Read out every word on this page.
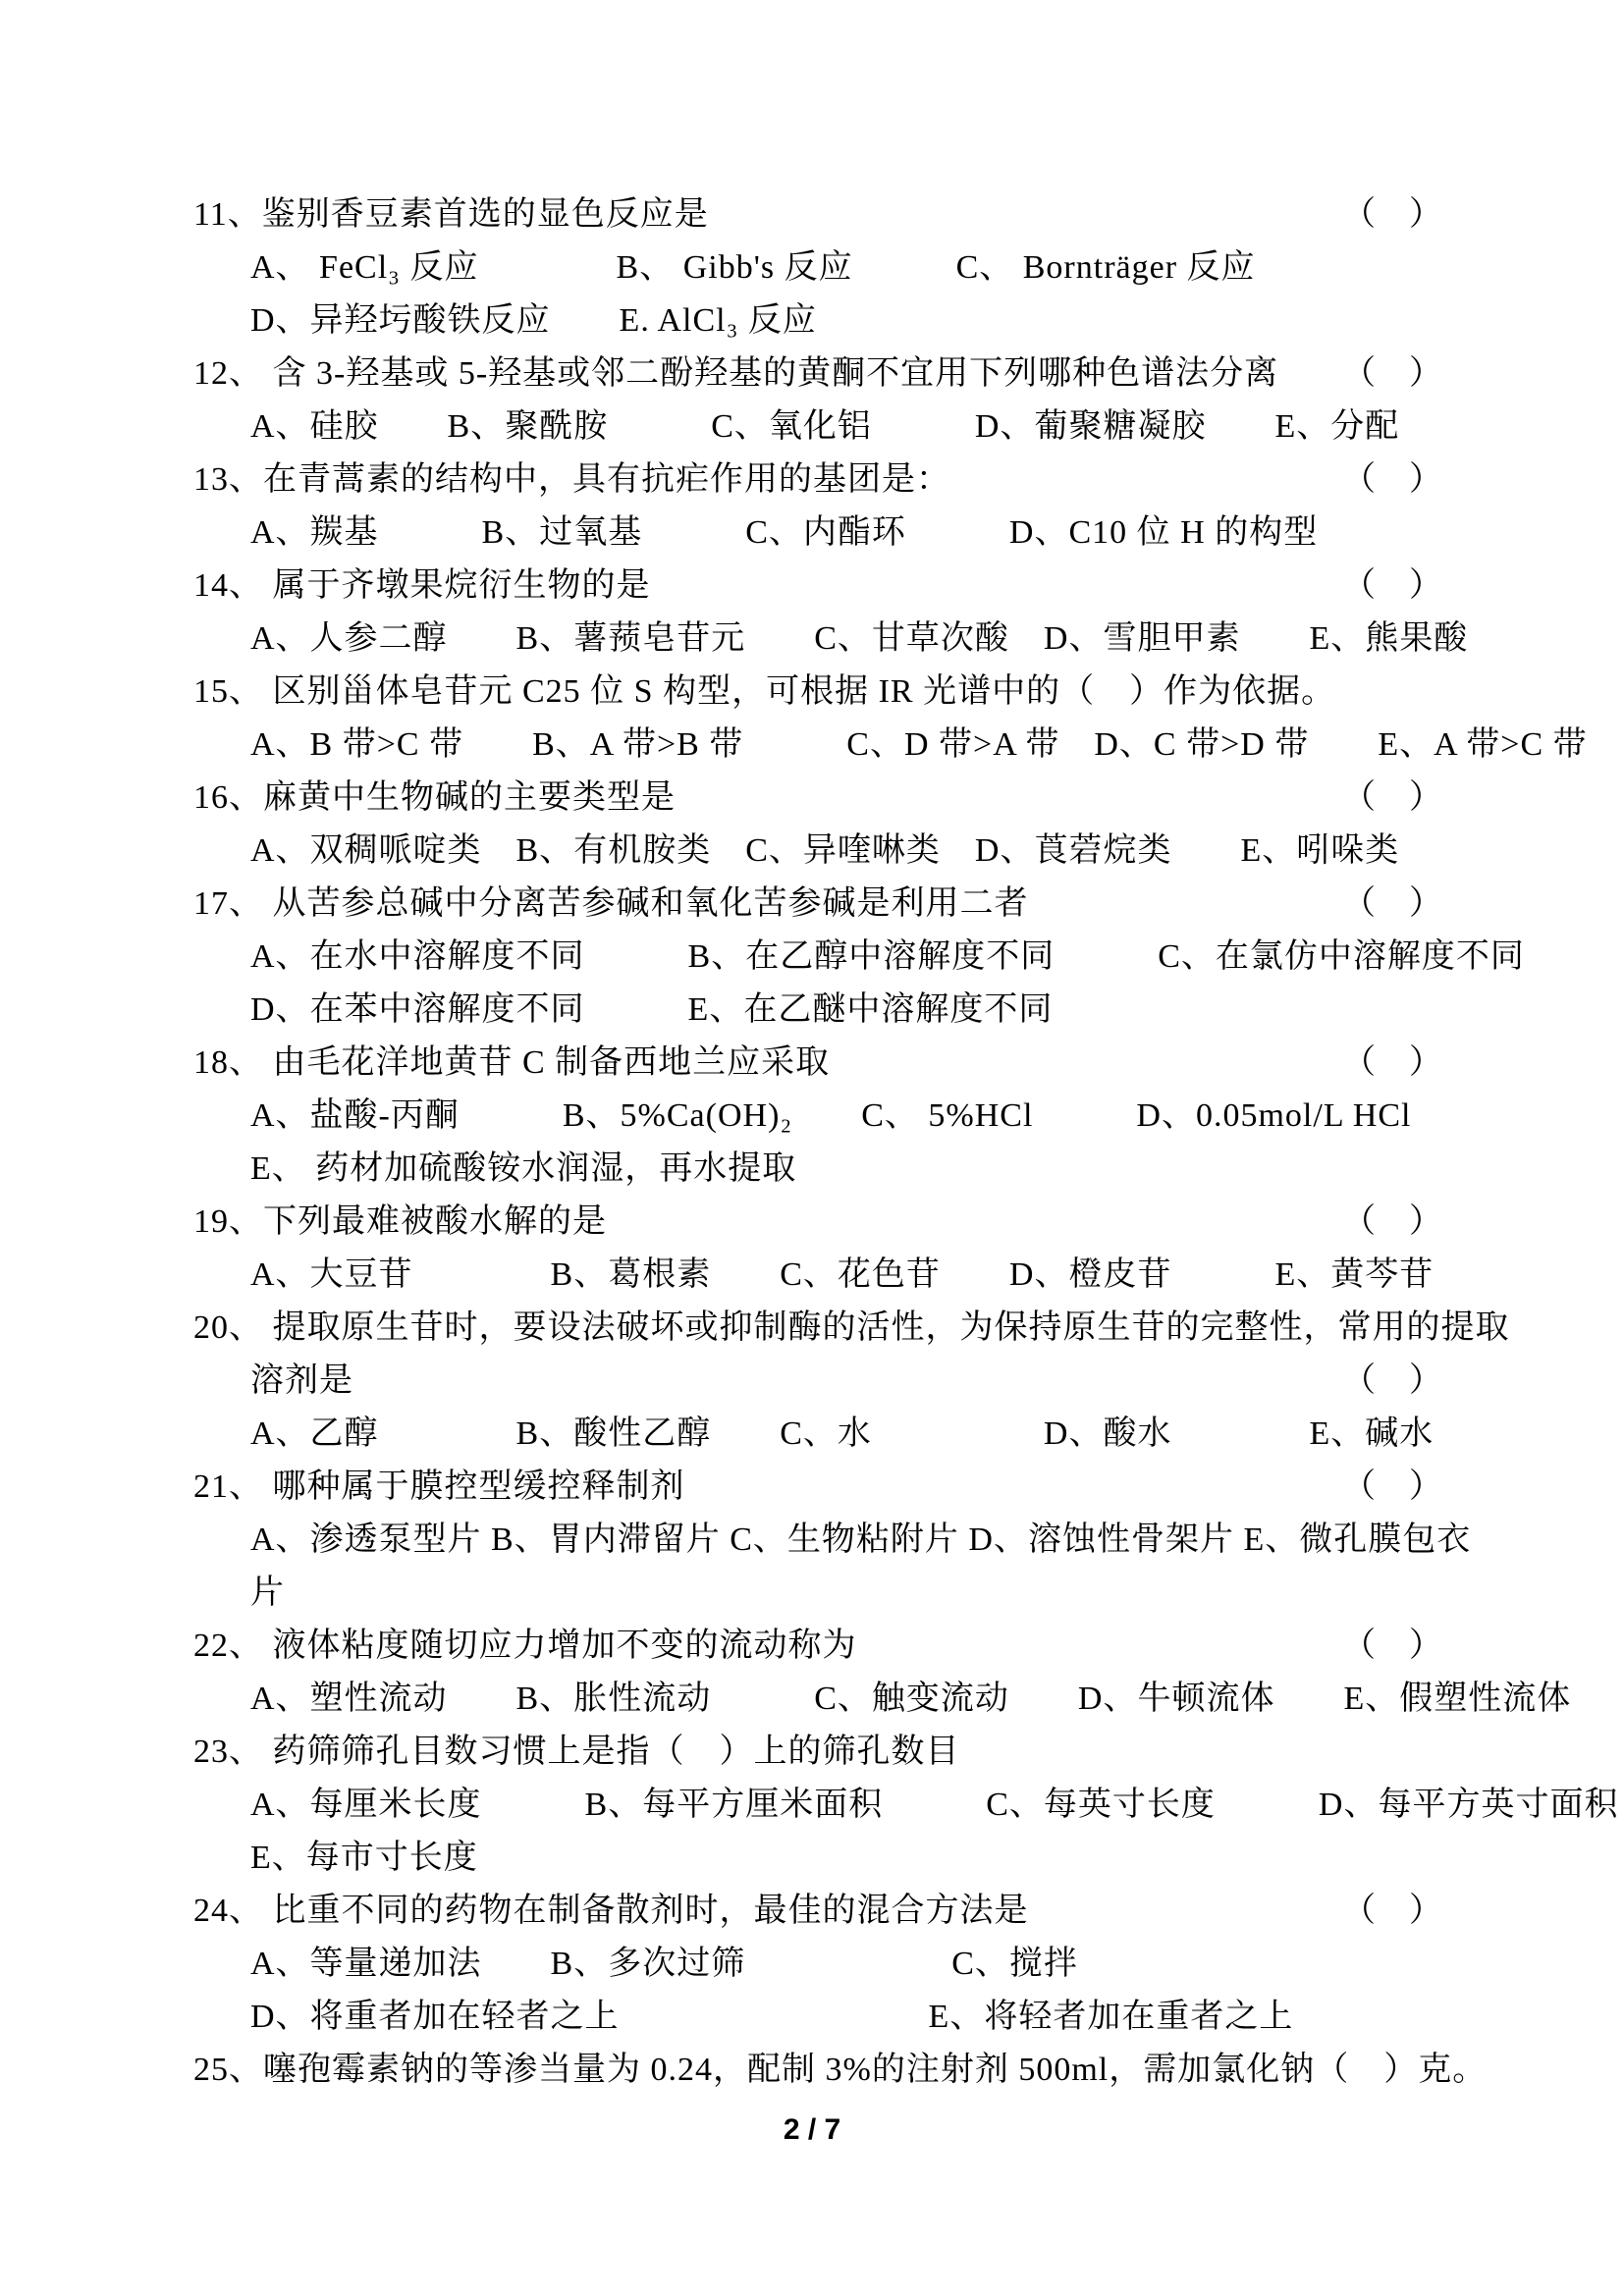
11、鉴别香豆素首选的显色反应是	（　）
A、 FeCl₃ 反应　　　　B、 Gibb's 反应　　　C、 Bornträger 反应
D、异羟圬酸铁反应　　E. AlCl₃ 反应
12、 含 3-羟基或 5-羟基或邻二酚羟基的黄酮不宜用下列哪种色谱法分离 （　）
A、硅胶　　B、聚酰胺　　　C、氧化铝　　　D、葡聚糖凝胶　　E、分配
13、在青蒿素的结构中，具有抗疟作用的基团是：	（　）
A、羰基　　　B、过氧基　　　C、内酯环　　　D、C10 位 H 的构型
14、 属于齐墩果烷衍生物的是	（　）
A、人参二醇　　B、薯蓣皂苷元　　C、甘草次酸　D、雪胆甲素　　E、熊果酸
15、 区别甾体皂苷元 C25 位 S 构型，可根据 IR 光谱中的（　）作为依据。
A、B 带>C 带　　B、A 带>B 带　　　C、D 带>A 带　D、C 带>D 带　　E、A 带>C 带
16、麻黄中生物碱的主要类型是	（　）
A、双稠哌啶类　B、有机胺类　C、异喹啉类　D、莨菪烷类　　E、吲哚类
17、 从苦参总碱中分离苦参碱和氧化苦参碱是利用二者	（　）
A、在水中溶解度不同　　　B、在乙醇中溶解度不同　　　C、在氯仿中溶解度不同
D、在苯中溶解度不同　　　E、在乙醚中溶解度不同
18、 由毛花洋地黄苷 C 制备西地兰应采取	（　）
A、盐酸-丙酮　　　B、5%Ca(OH)₂　　C、 5%HCl　　　D、0.05mol/L HCl
E、 药材加硫酸铵水润湿，再水提取
19、下列最难被酸水解的是	（　）
A、大豆苷　　　　B、葛根素　　C、花色苷　　D、橙皮苷　　　E、黄芩苷
20、 提取原生苷时，要设法破坏或抑制酶的活性，为保持原生苷的完整性，常用的提取
溶剂是	（　）
A、乙醇　　　　B、酸性乙醇　　C、水　　　　　D、酸水　　　　E、碱水
21、 哪种属于膜控型缓控释制剂	（　）
A、渗透泵型片 B、胃内滞留片 C、生物粘附片 D、溶蚀性骨架片 E、微孔膜包衣
片
22、 液体粘度随切应力增加不变的流动称为	（　）
A、塑性流动　　B、胀性流动　　　C、触变流动　　D、牛顿流体　　E、假塑性流体
23、 药筛筛孔目数习惯上是指（　）上的筛孔数目
A、每厘米长度　　　B、每平方厘米面积　　　C、每英寸长度　　　D、每平方英寸面积
E、每市寸长度
24、 比重不同的药物在制备散剂时，最佳的混合方法是	（　）
A、等量递加法　　B、多次过筛　　　　　　C、搅拌
D、将重者加在轻者之上　　　　　　　　　E、将轻者加在重者之上
25、噻孢霉素钠的等渗当量为 0.24，配制 3%的注射剂 500ml，需加氯化钠（　）克。
2 / 7
